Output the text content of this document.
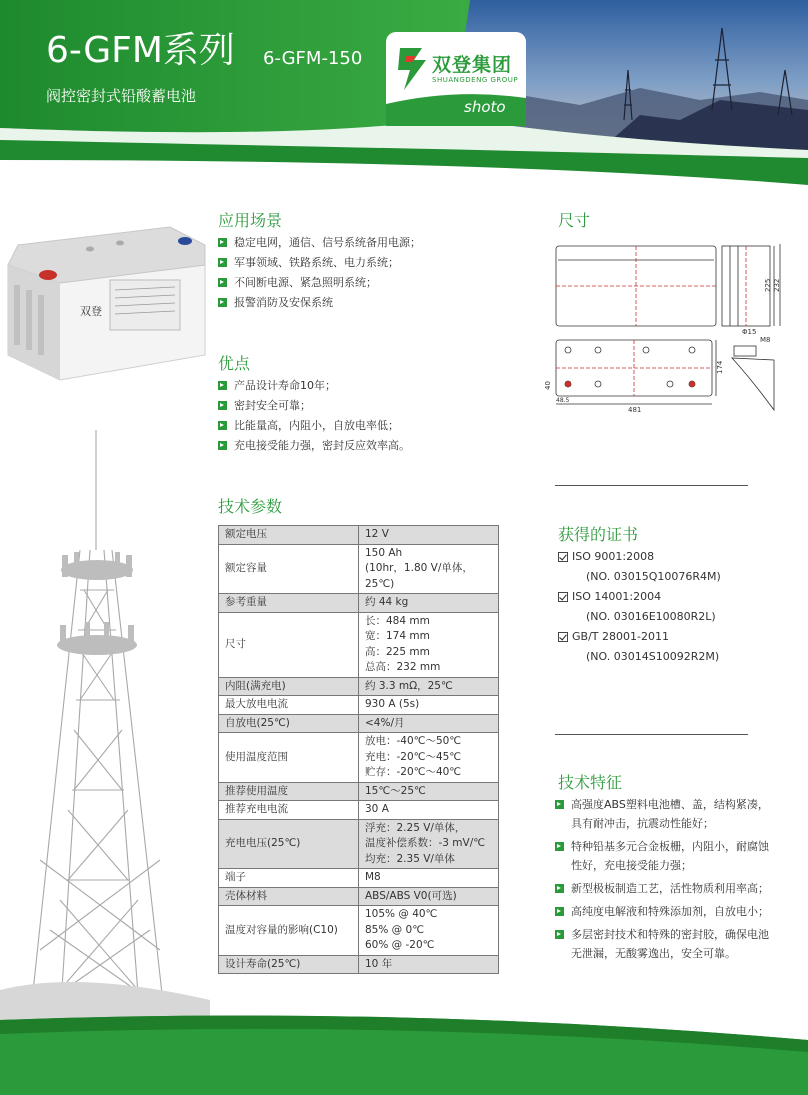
6-GFM系列 6-GFM-150
阀控密封式铅酸蓄电池
双登集团
SHUANGDENG GROUP
shoto
双登
应用场景
稳定电网，通信、信号系统备用电源；
军事领域、铁路系统、电力系统；
不间断电源、紧急照明系统；
报警消防及安保系统
优点
产品设计寿命10年；
密封安全可靠；
比能量高，内阻小，自放电率低；
充电接受能力强，密封反应效率高。
尺寸
225 232
Φ15
M8
174
40
48.5
481
获得的证书
ISO 9001:2008
(NO. 03015Q10076R4M)
ISO 14001:2004
(NO. 03016E10080R2L)
GB/T 28001-2011
(NO. 03014S10092R2M)
技术特征
高强度ABS塑料电池槽、盖，结构紧凑，
具有耐冲击，抗震动性能好；
特种铅基多元合金板栅，内阻小，耐腐蚀
性好，充电接受能力强；
新型极板制造工艺，活性物质利用率高；
高纯度电解液和特殊添加剂，自放电小；
多层密封技术和特殊的密封胶，确保电池
无泄漏，无酸雾逸出，安全可靠。
技术参数
额定电压	12 V

额定容量	150 Ah
(10hr，1.80 V/单体，25℃)

参考重量	约 44 kg

尺寸	长：484 mm
宽：174 mm
高：225 mm
总高：232 mm

内阻(满充电)	约 3.3 mΩ，25℃

最大放电电流	930 A (5s)

自放电(25℃)	<4%/月

使用温度范围	放电：-40℃～50℃
充电：-20℃～45℃
贮存：-20℃～40℃

推荐使用温度	15℃～25℃

推荐充电电流	30 A

充电电压(25℃)	浮充：2.25 V/单体，
温度补偿系数：-3 mV/℃
均充：2.35 V/单体

端子	M8

壳体材料	ABS/ABS V0(可选)

温度对容量的影响(C10)	105% @ 40℃
85% @ 0℃
60% @ -20℃

设计寿命(25℃)	10 年
